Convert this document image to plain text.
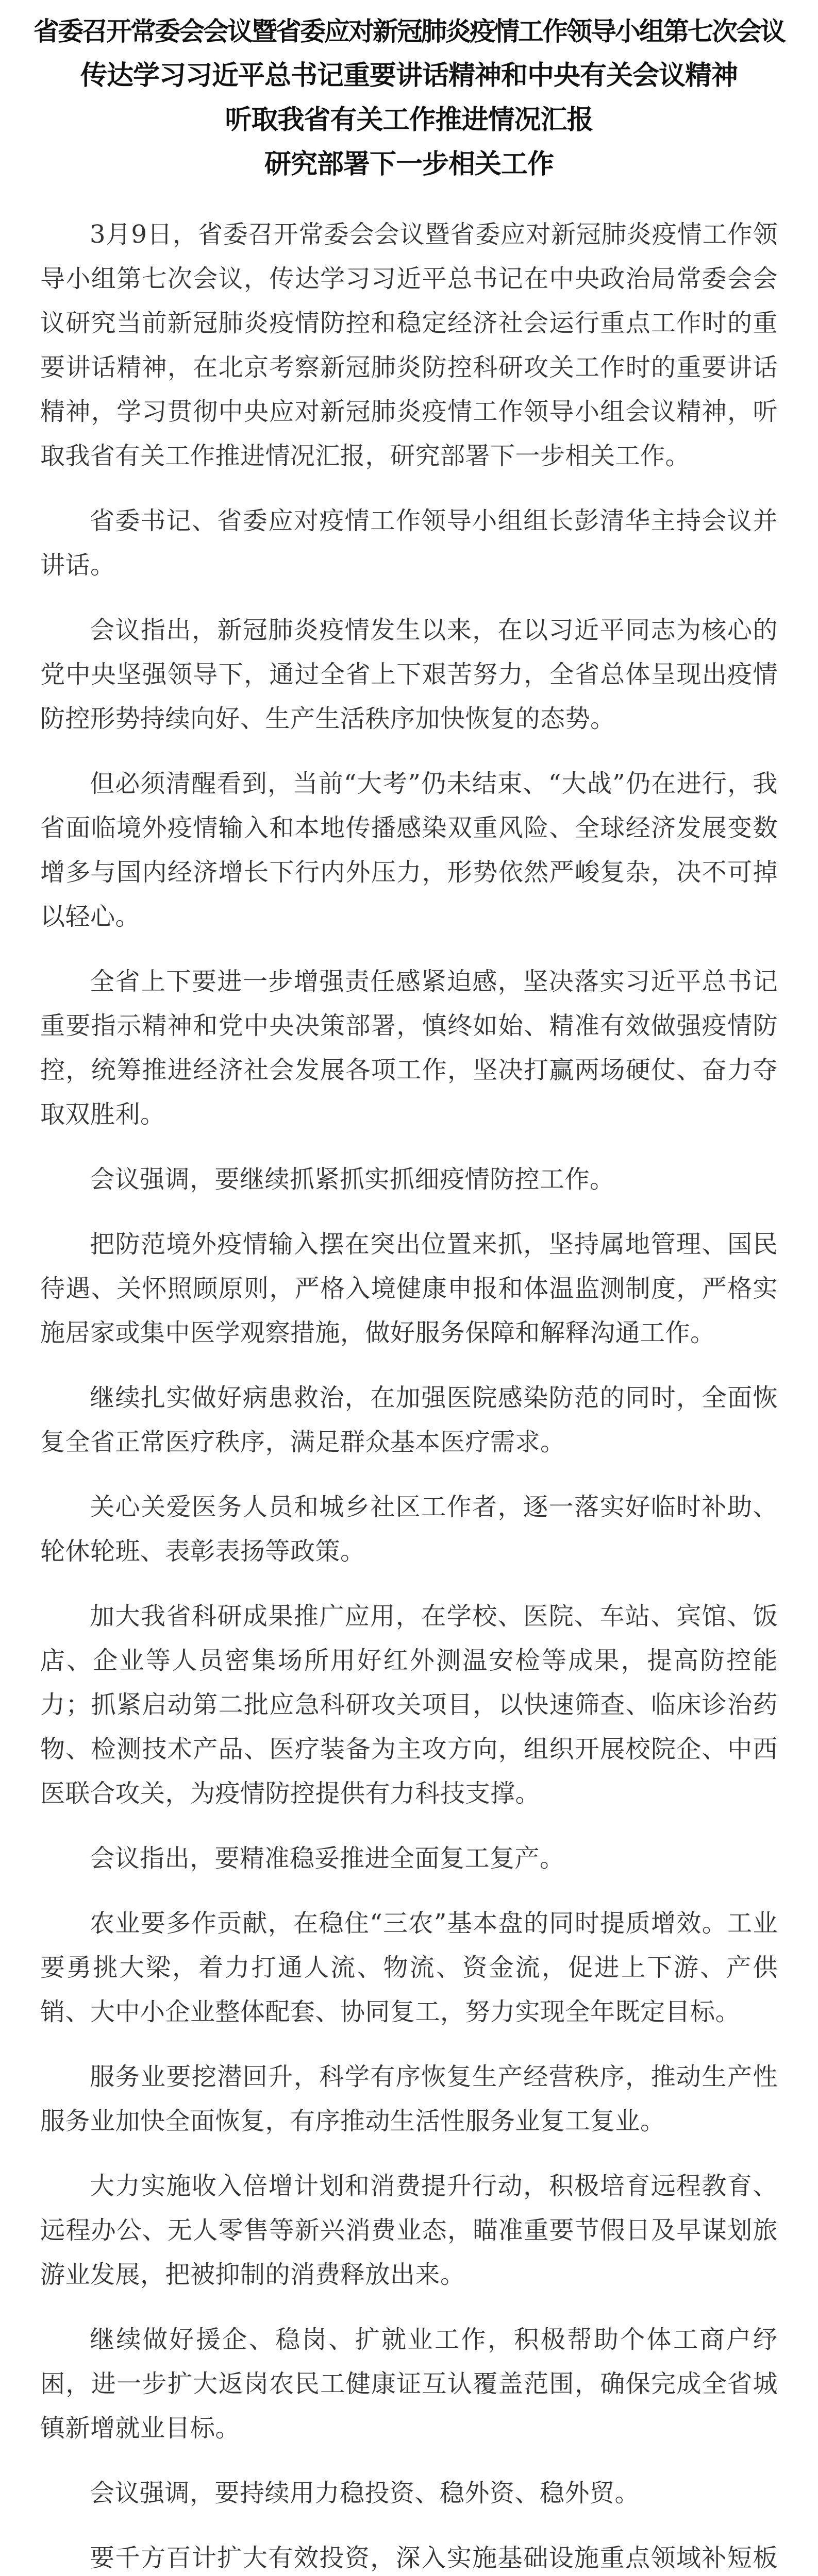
省委召开常委会会议暨省委应对新冠肺炎疫情工作领导小组第七次会议
传达学习习近平总书记重要讲话精神和中央有关会议精神
听取我省有关工作推进情况汇报
研究部署下一步相关工作

3月9日，省委召开常委会会议暨省委应对新冠肺炎疫情工作领导小组第七次会议，传达学习习近平总书记在中央政治局常委会会议研究当前新冠肺炎疫情防控和稳定经济社会运行重点工作时的重要讲话精神，在北京考察新冠肺炎防控科研攻关工作时的重要讲话精神，学习贯彻中央应对新冠肺炎疫情工作领导小组会议精神，听取我省有关工作推进情况汇报，研究部署下一步相关工作。

省委书记、省委应对疫情工作领导小组组长彭清华主持会议并讲话。

会议指出，新冠肺炎疫情发生以来，在以习近平同志为核心的党中央坚强领导下，通过全省上下艰苦努力，全省总体呈现出疫情防控形势持续向好、生产生活秩序加快恢复的态势。

但必须清醒看到，当前“大考”仍未结束、“大战”仍在进行，我省面临境外疫情输入和本地传播感染双重风险、全球经济发展变数增多与国内经济增长下行内外压力，形势依然严峻复杂，决不可掉以轻心。

全省上下要进一步增强责任感紧迫感，坚决落实习近平总书记重要指示精神和党中央决策部署，慎终如始、精准有效做强疫情防控，统筹推进经济社会发展各项工作，坚决打赢两场硬仗、奋力夺取双胜利。

会议强调，要继续抓紧抓实抓细疫情防控工作。

把防范境外疫情输入摆在突出位置来抓，坚持属地管理、国民待遇、关怀照顾原则，严格入境健康申报和体温监测制度，严格实施居家或集中医学观察措施，做好服务保障和解释沟通工作。

继续扎实做好病患救治，在加强医院感染防范的同时，全面恢复全省正常医疗秩序，满足群众基本医疗需求。

关心关爱医务人员和城乡社区工作者，逐一落实好临时补助、轮休轮班、表彰表扬等政策。

加大我省科研成果推广应用，在学校、医院、车站、宾馆、饭店、企业等人员密集场所用好红外测温安检等成果，提高防控能力；抓紧启动第二批应急科研攻关项目，以快速筛查、临床诊治药物、检测技术产品、医疗装备为主攻方向，组织开展校院企、中西医联合攻关，为疫情防控提供有力科技支撑。

会议指出，要精准稳妥推进全面复工复产。

农业要多作贡献，在稳住“三农”基本盘的同时提质增效。工业要勇挑大梁，着力打通人流、物流、资金流，促进上下游、产供销、大中小企业整体配套、协同复工，努力实现全年既定目标。

服务业要挖潜回升，科学有序恢复生产经营秩序，推动生产性服务业加快全面恢复，有序推动生活性服务业复工复业。

大力实施收入倍增计划和消费提升行动，积极培育远程教育、远程办公、无人零售等新兴消费业态，瞄准重要节假日及早谋划旅游业发展，把被抑制的消费释放出来。

继续做好援企、稳岗、扩就业工作，积极帮助个体工商户纾困，进一步扩大返岗农民工健康证互认覆盖范围，确保完成全省城镇新增就业目标。

会议强调，要持续用力稳投资、稳外资、稳外贸。

要千方百计扩大有效投资，深入实施基础设施重点领域补短板
